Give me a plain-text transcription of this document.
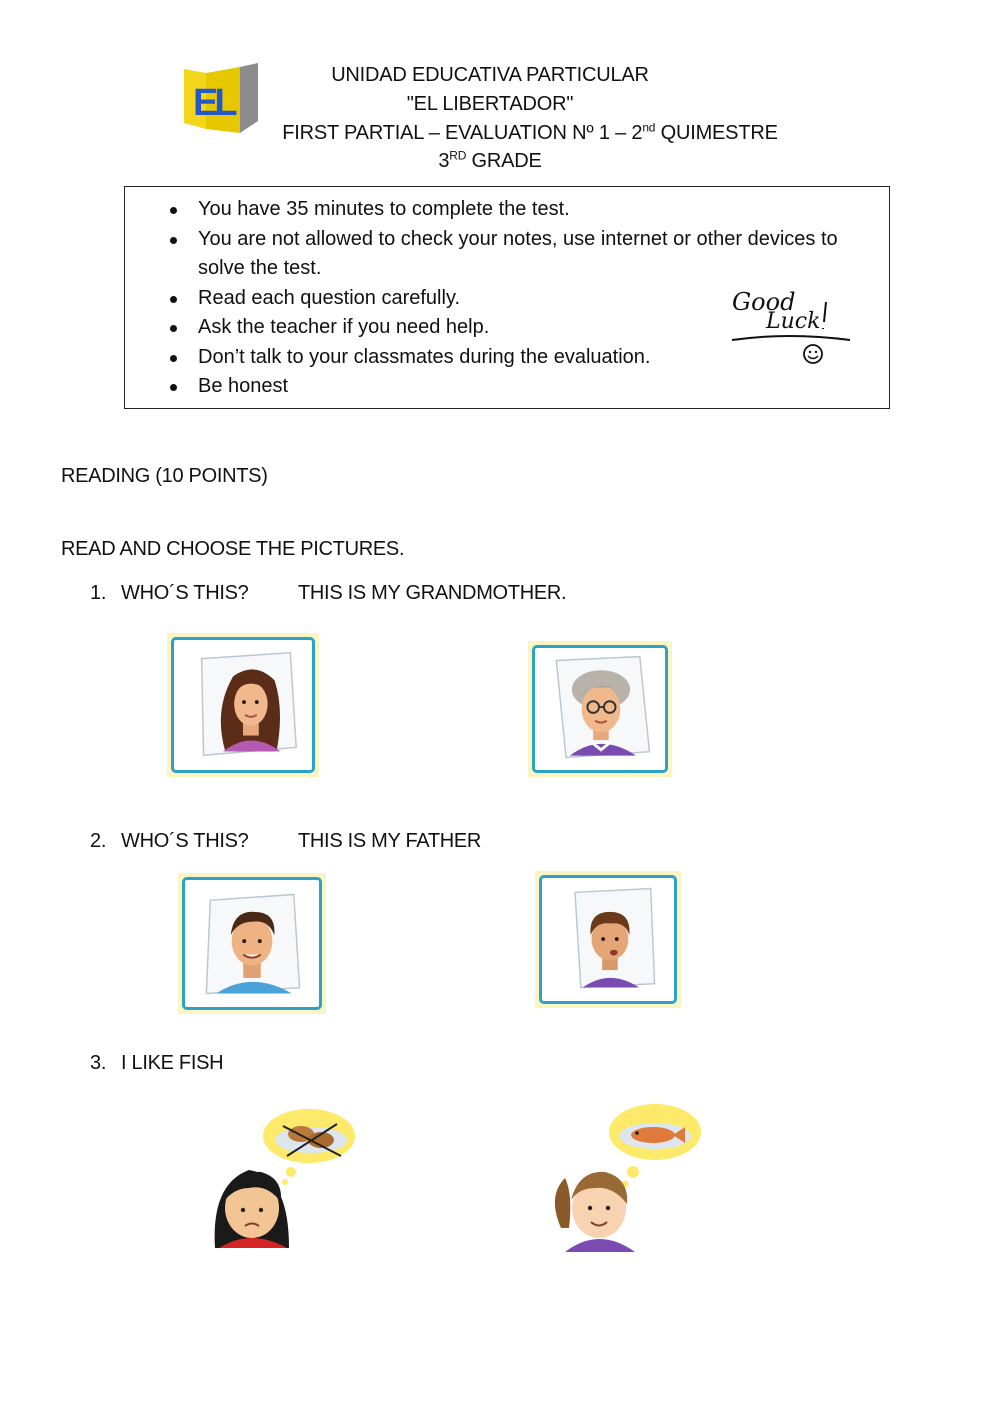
EL
UNIDAD EDUCATIVA PARTICULAR
"EL LIBERTADOR"
FIRST PARTIAL – EVALUATION Nº 1 – 2nd QUIMESTRE
3RD GRADE
You have 35 minutes to complete the test.
You are not allowed to check your notes, use internet or other devices to solve the test.
Read each question carefully.
Ask the teacher if you need help.
Don’t talk to your classmates during the evaluation.
Be honest
Good
Luck
READING (10 POINTS)
READ AND CHOOSE THE PICTURES.
1. WHO´S THIS? THIS IS MY GRANDMOTHER.
2. WHO´S THIS? THIS IS MY FATHER
3. I LIKE FISH
